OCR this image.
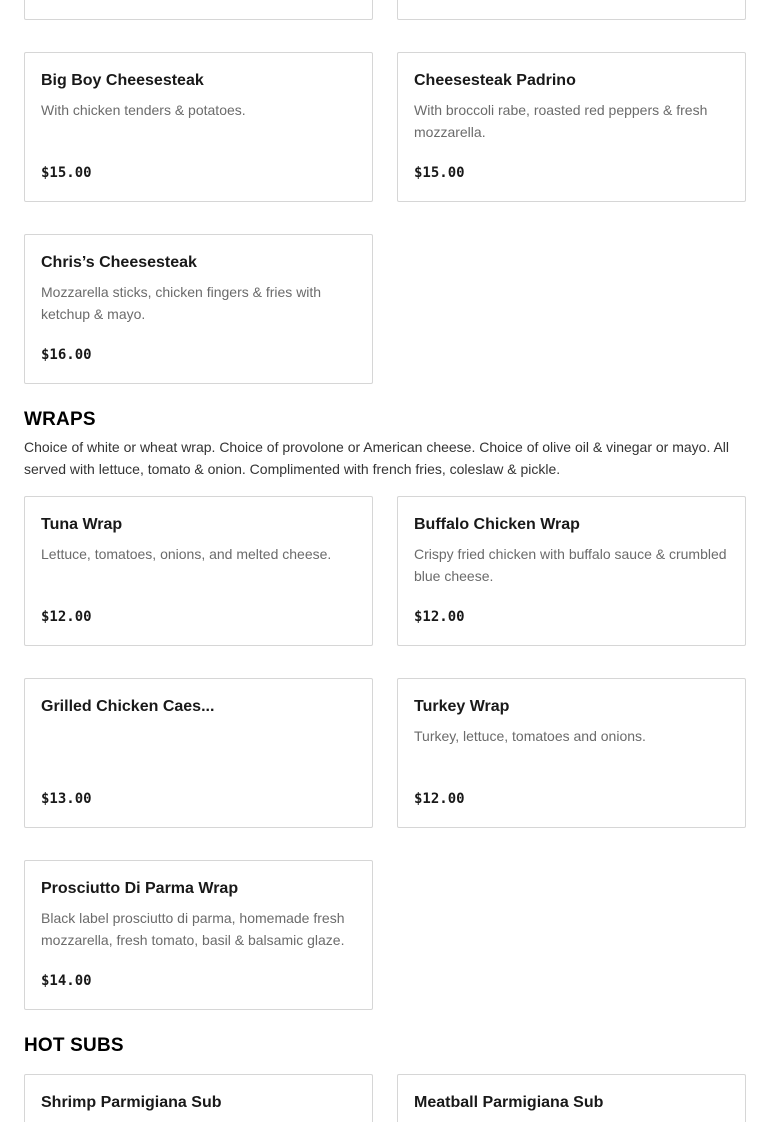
Big Boy Cheesesteak
With chicken tenders & potatoes.
$15.00
Cheesesteak Padrino
With broccoli rabe, roasted red peppers & fresh mozzarella.
$15.00
Chris’s Cheesesteak
Mozzarella sticks, chicken fingers & fries with ketchup & mayo.
$16.00
WRAPS
Choice of white or wheat wrap. Choice of provolone or American cheese. Choice of olive oil & vinegar or mayo. All served with lettuce, tomato & onion. Complimented with french fries, coleslaw & pickle.
Tuna Wrap
Lettuce, tomatoes, onions, and melted cheese.
$12.00
Buffalo Chicken Wrap
Crispy fried chicken with buffalo sauce & crumbled blue cheese.
$12.00
Grilled Chicken Caes...
$13.00
Turkey Wrap
Turkey, lettuce, tomatoes and onions.
$12.00
Prosciutto Di Parma Wrap
Black label prosciutto di parma, homemade fresh mozzarella, fresh tomato, basil & balsamic glaze.
$14.00
HOT SUBS
Shrimp Parmigiana Sub	Meatball Parmigiana Sub
